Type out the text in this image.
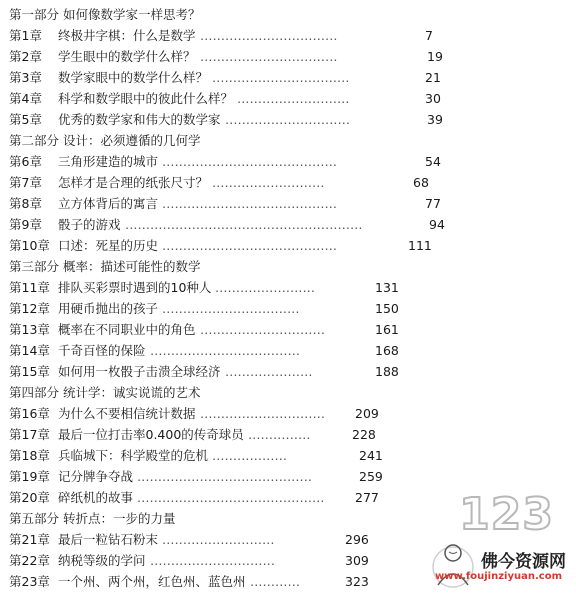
第一部分 如何像数学家一样思考？
第1章 终极井字棋：什么是数学 ……………………………	7
第2章 学生眼中的数学什么样？ ……………………………	19
第3章 数学家眼中的数学什么样？ ……………………………	21
第4章 科学和数学眼中的彼此什么样？ ………………………	30
第5章 优秀的数学家和伟大的数学家 …………………………	39
第二部分 设计：必须遵循的几何学
第6章 三角形建造的城市 ……………………………………	54
第7章 怎样才是合理的纸张尺寸？ ………………………	68
第8章 立方体背后的寓言 ……………………………………	77
第9章 骰子的游戏 …………………………………………………	94
第10章 口述：死星的历史 ……………………………………	111
第三部分 概率：描述可能性的数学
第11章 排队买彩票时遇到的10种人 ……………………	131
第12章 用硬币抛出的孩子 ……………………………	150
第13章 概率在不同职业中的角色 …………………………	161
第14章 千奇百怪的保险 ………………………………	168
第15章 如何用一枚骰子击溃全球经济 …………………	188
第四部分 统计学：诚实说谎的艺术
第16章 为什么不要相信统计数据 …………………………	209
第17章 最后一位打击率0.400的传奇球员 ……………	228
第18章 兵临城下：科学殿堂的危机 ………………	241
第19章 记分牌争夺战 ……………………………………	259
第20章 碎纸机的故事 ………………………………………	277
第五部分 转折点：一步的力量
第21章 最后一粒钻石粉末 ………………………	296
第22章 纳税等级的学问 …………………………	309
第23章 一个州、两个州，红色州、蓝色州 …………	323
123
佛今资源网
www.foujinziyuan.com
